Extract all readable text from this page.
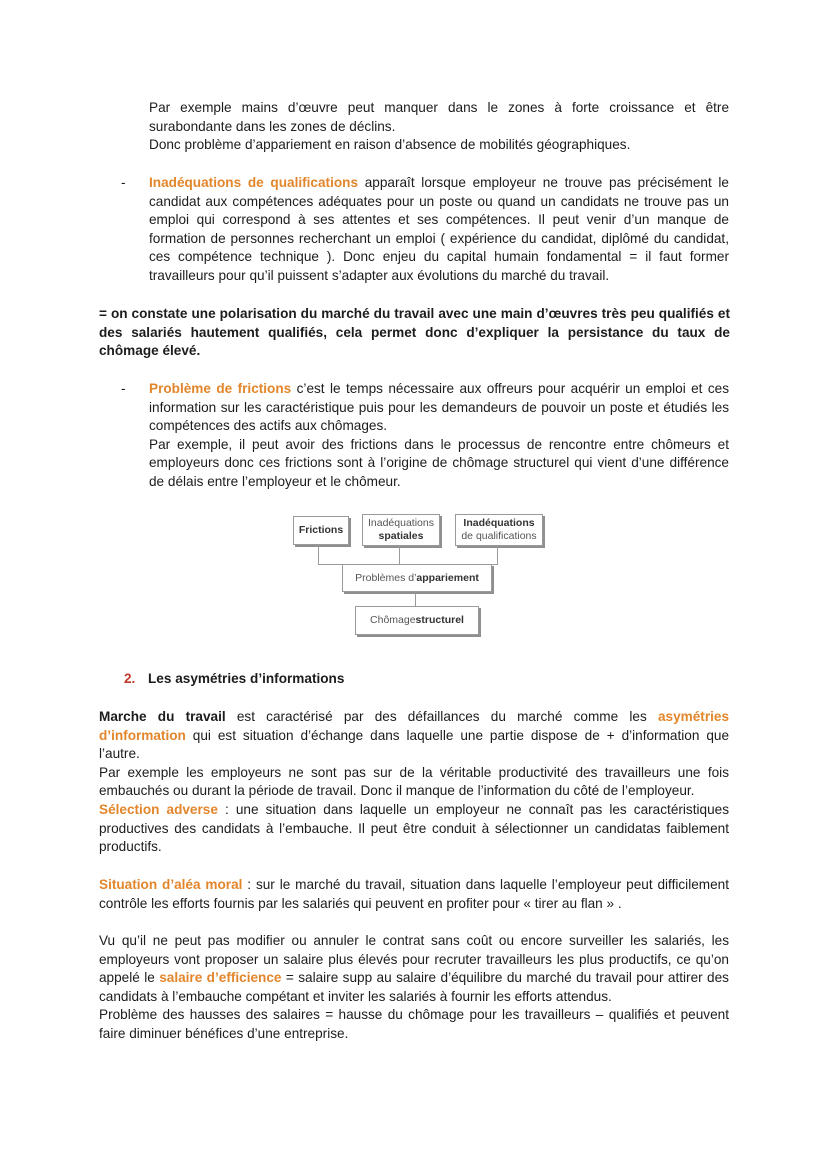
Par exemple mains d’œuvre peut manquer dans le zones à forte croissance et être surabondante dans les zones de déclins.
Donc problème d’appariement en raison d’absence de mobilités géographiques.

- Inadéquations de qualifications apparaît lorsque employeur ne trouve pas précisément le candidat aux compétences adéquates pour un poste ou quand un candidats ne trouve pas un emploi qui correspond à ses attentes et ses compétences. Il peut venir d’un manque de formation de personnes recherchant un emploi ( expérience du candidat, diplômé du candidat, ces compétence technique ). Donc enjeu du capital humain fondamental = il faut former travailleurs pour qu’il puissent s’adapter aux évolutions du marché du travail.

= on constate une polarisation du marché du travail avec une main d’œuvres très peu qualifiés et des salariés hautement qualifiés, cela permet donc d’expliquer la persistance du taux de chômage élevé.

- Problème de frictions c’est le temps nécessaire aux offreurs pour acquérir un emploi et ces information sur les caractéristique puis pour les demandeurs de pouvoir un poste et étudiés les compétences des actifs aux chômages.
Par exemple, il peut avoir des frictions dans le processus de rencontre entre chômeurs et employeurs donc ces frictions sont à l’origine de chômage structurel qui vient d’une différence de délais entre l’employeur et le chômeur.

Frictions
Inadéquations
spatiales
Inadéquations
de qualifications
Problèmes d’ appariement
Chômage structurel
2. Les asymétries d’informations

Marche du travail est caractérisé par des défaillances du marché comme les asymétries d’information qui est situation d’échange dans laquelle une partie dispose de + d’information que l’autre.
Par exemple les employeurs ne sont pas sur de la véritable productivité des travailleurs une fois embauchés ou durant la période de travail. Donc il manque de l’information du côté de l’employeur.

Sélection adverse : une situation dans laquelle un employeur ne connaît pas les caractéristiques productives des candidats à l’embauche. Il peut être conduit à sélectionner un candidatas faiblement productifs.

Situation d’aléa moral : sur le marché du travail, situation dans laquelle l’employeur peut difficilement contrôle les efforts fournis par les salariés qui peuvent en profiter pour « tirer au flan » .

Vu qu’il ne peut pas modifier ou annuler le contrat sans coût ou encore surveiller les salariés, les employeurs vont proposer un salaire plus élevés pour recruter travailleurs les plus productifs, ce qu’on appelé le salaire d’efficience = salaire supp au salaire d’équilibre du marché du travail pour attirer des candidats à l’embauche compétant et inviter les salariés à fournir les efforts attendus.
Problème des hausses des salaires = hausse du chômage pour les travailleurs – qualifiés et peuvent faire diminuer bénéfices d’une entreprise.
